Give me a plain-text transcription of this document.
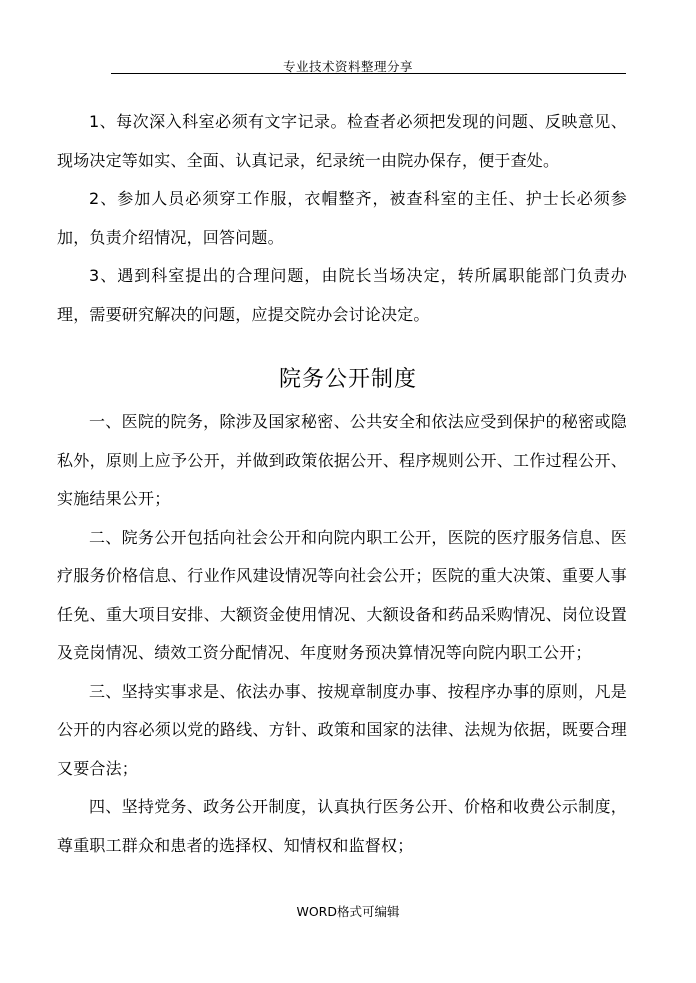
专业技术资料整理分享

1、每次深入科室必须有文字记录。检查者必须把发现的问题、反映意见、现场决定等如实、全面、认真记录，纪录统一由院办保存，便于查处。

2、参加人员必须穿工作服，衣帽整齐，被查科室的主任、护士长必须参加，负责介绍情况，回答问题。

3、遇到科室提出的合理问题，由院长当场决定，转所属职能部门负责办理，需要研究解决的问题，应提交院办会讨论决定。

院务公开制度

一、医院的院务，除涉及国家秘密、公共安全和依法应受到保护的秘密或隐私外，原则上应予公开，并做到政策依据公开、程序规则公开、工作过程公开、实施结果公开；

二、院务公开包括向社会公开和向院内职工公开，医院的医疗服务信息、医疗服务价格信息、行业作风建设情况等向社会公开；医院的重大决策、重要人事任免、重大项目安排、大额资金使用情况、大额设备和药品采购情况、岗位设置及竞岗情况、绩效工资分配情况、年度财务预决算情况等向院内职工公开；

三、坚持实事求是、依法办事、按规章制度办事、按程序办事的原则，凡是公开的内容必须以党的路线、方针、政策和国家的法律、法规为依据，既要合理又要合法；

四、坚持党务、政务公开制度，认真执行医务公开、价格和收费公示制度，尊重职工群众和患者的选择权、知情权和监督权；

WORD格式可编辑
